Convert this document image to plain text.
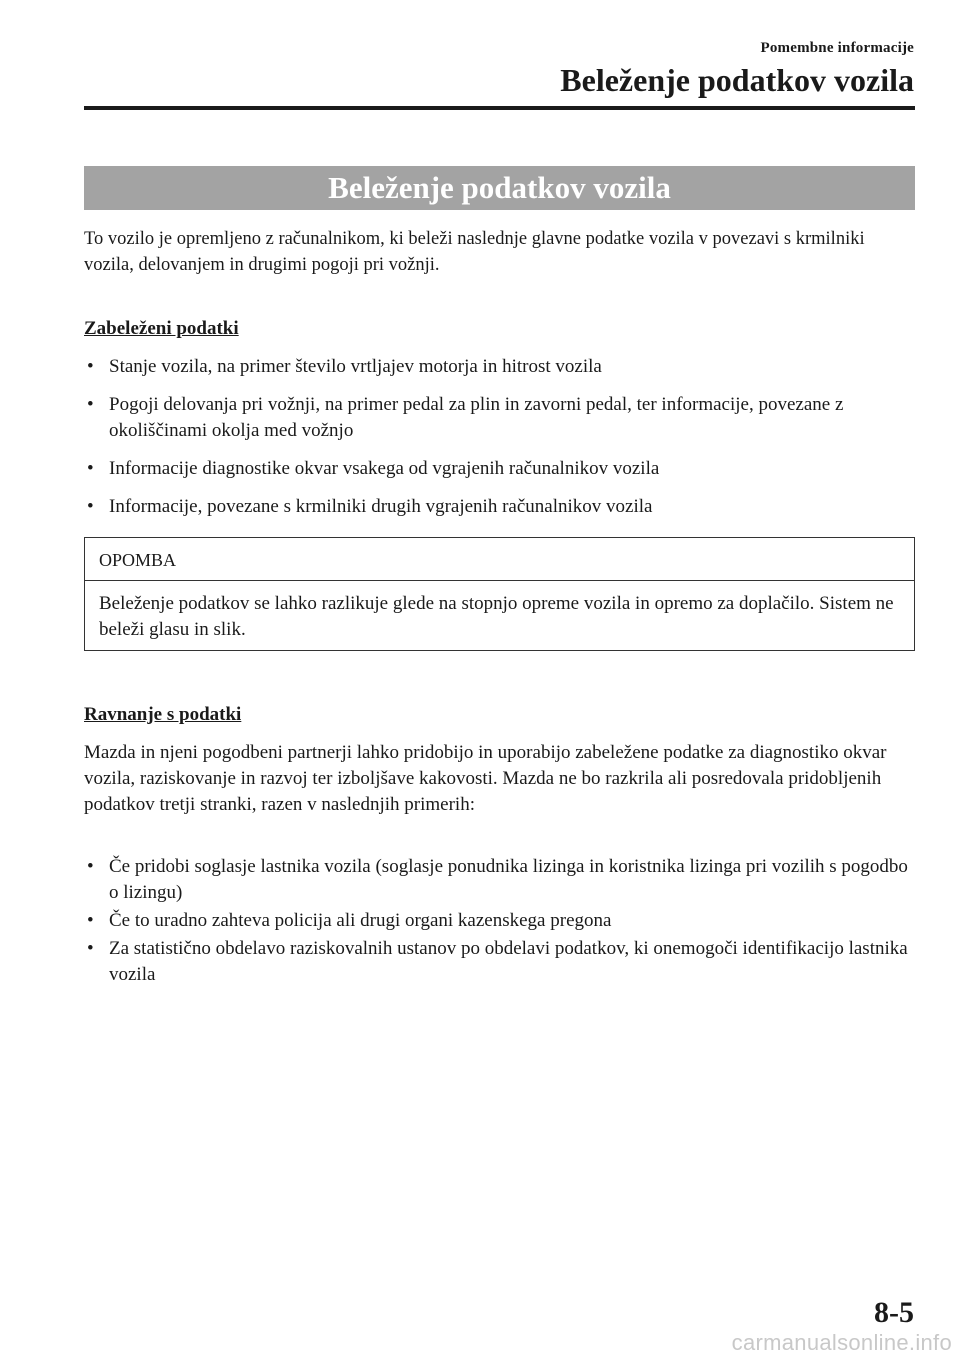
Pomembne informacije
Beleženje podatkov vozila
Beleženje podatkov vozila
To vozilo je opremljeno z računalnikom, ki beleži naslednje glavne podatke vozila v povezavi s krmilniki vozila, delovanjem in drugimi pogoji pri vožnji.
Zabeleženi podatki
• Stanje vozila, na primer število vrtljajev motorja in hitrost vozila
• Pogoji delovanja pri vožnji, na primer pedal za plin in zavorni pedal, ter informacije, povezane z okoliščinami okolja med vožnjo
• Informacije diagnostike okvar vsakega od vgrajenih računalnikov vozila
• Informacije, povezane s krmilniki drugih vgrajenih računalnikov vozila
OPOMBA
Beleženje podatkov se lahko razlikuje glede na stopnjo opreme vozila in opremo za doplačilo. Sistem ne beleži glasu in slik.
Ravnanje s podatki
Mazda in njeni pogodbeni partnerji lahko pridobijo in uporabijo zabeležene podatke za diagnostiko okvar vozila, raziskovanje in razvoj ter izboljšave kakovosti. Mazda ne bo razkrila ali posredovala pridobljenih podatkov tretji stranki, razen v naslednjih primerih:
• Če pridobi soglasje lastnika vozila (soglasje ponudnika lizinga in koristnika lizinga pri vozilih s pogodbo o lizingu)
• Če to uradno zahteva policija ali drugi organi kazenskega pregona
• Za statistično obdelavo raziskovalnih ustanov po obdelavi podatkov, ki onemogoči identifikacijo lastnika vozila
8-5
carmanualsonline.info
